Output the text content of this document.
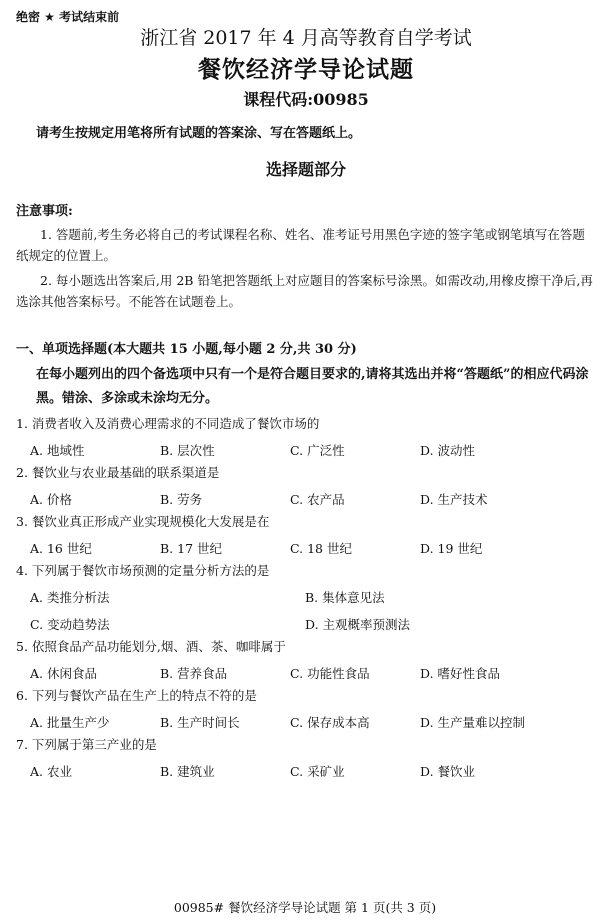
绝密 ★ 考试结束前
浙江省 2017 年 4 月高等教育自学考试
餐饮经济学导论试题
课程代码:00985
请考生按规定用笔将所有试题的答案涂、写在答题纸上。
选择题部分
注意事项:
1. 答题前,考生务必将自己的考试课程名称、姓名、准考证号用黑色字迹的签字笔或钢笔填写在答题纸规定的位置上。
2. 每小题选出答案后,用 2B 铅笔把答题纸上对应题目的答案标号涂黑。如需改动,用橡皮擦干净后,再选涂其他答案标号。不能答在试题卷上。
一、单项选择题(本大题共 15 小题,每小题 2 分,共 30 分)
在每小题列出的四个备选项中只有一个是符合题目要求的,请将其选出并将“答题纸”的相应代码涂黑。错涂、多涂或未涂均无分。
1. 消费者收入及消费心理需求的不同造成了餐饮市场的
A. 地域性	B. 层次性	C. 广泛性	D. 波动性
2. 餐饮业与农业最基础的联系渠道是
A. 价格	B. 劳务	C. 农产品	D. 生产技术
3. 餐饮业真正形成产业实现规模化大发展是在
A. 16 世纪	B. 17 世纪	C. 18 世纪	D. 19 世纪
4. 下列属于餐饮市场预测的定量分析方法的是
A. 类推分析法	B. 集体意见法
C. 变动趋势法	D. 主观概率预测法
5. 依照食品产品功能划分,烟、酒、茶、咖啡属于
A. 休闲食品	B. 营养食品	C. 功能性食品	D. 嗜好性食品
6. 下列与餐饮产品在生产上的特点不符的是
A. 批量生产少	B. 生产时间长	C. 保存成本高	D. 生产量难以控制
7. 下列属于第三产业的是
A. 农业	B. 建筑业	C. 采矿业	D. 餐饮业
00985# 餐饮经济学导论试题 第 1 页(共 3 页)
